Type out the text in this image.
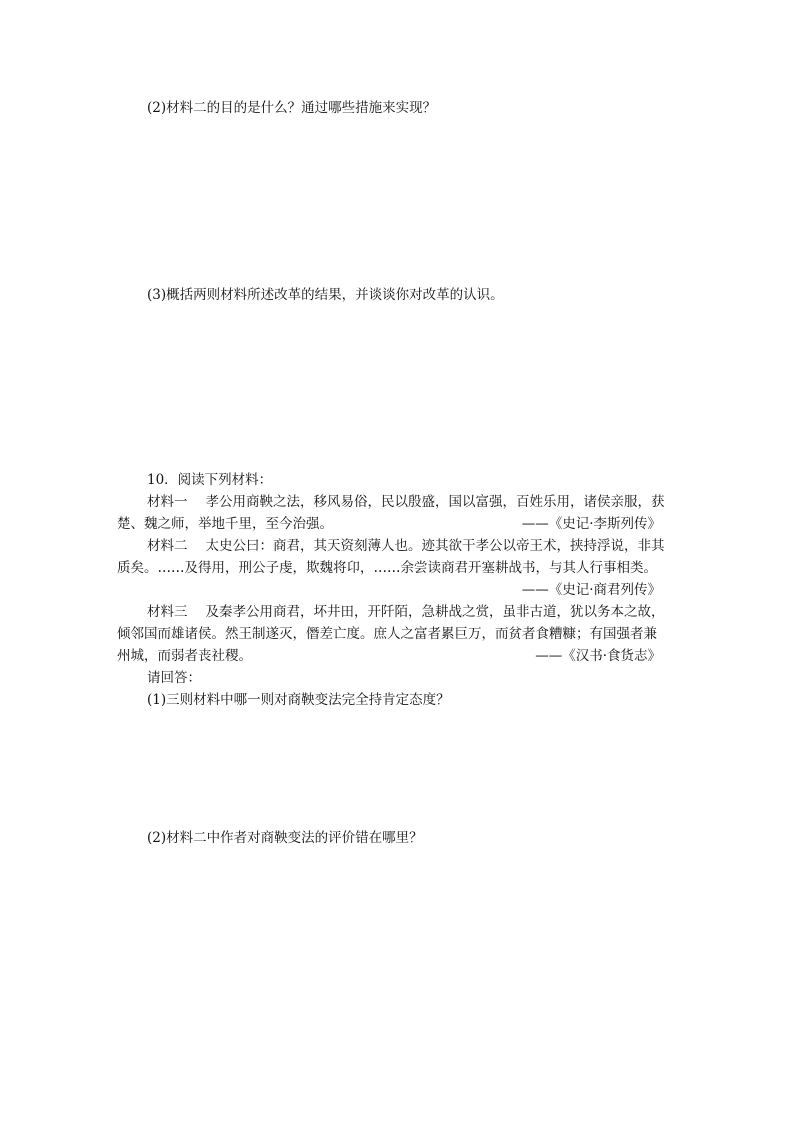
(2)材料二的目的是什么？通过哪些措施来实现？
(3)概括两则材料所述改革的结果，并谈谈你对改革的认识。
10．阅读下列材料：
材料一 孝公用商鞅之法，移风易俗，民以殷盛，国以富强，百姓乐用，诸侯亲服，获
楚、魏之师，举地千里，至今治强。	——《史记·李斯列传》
材料二 太史公曰：商君，其天资刻薄人也。迹其欲干孝公以帝王术，挟持浮说，非其
质矣。……及得用，刑公子虔，欺魏将卬，……余尝读商君开塞耕战书，与其人行事相类。
——《史记·商君列传》
材料三 及秦孝公用商君，坏井田，开阡陌，急耕战之赏，虽非古道，犹以务本之故，
倾邻国而雄诸侯。然王制遂灭，僭差亡度。庶人之富者累巨万，而贫者食糟糠；有国强者兼
州城，而弱者丧社稷。	——《汉书·食货志》
请回答：
(1)三则材料中哪一则对商鞅变法完全持肯定态度？
(2)材料二中作者对商鞅变法的评价错在哪里？
